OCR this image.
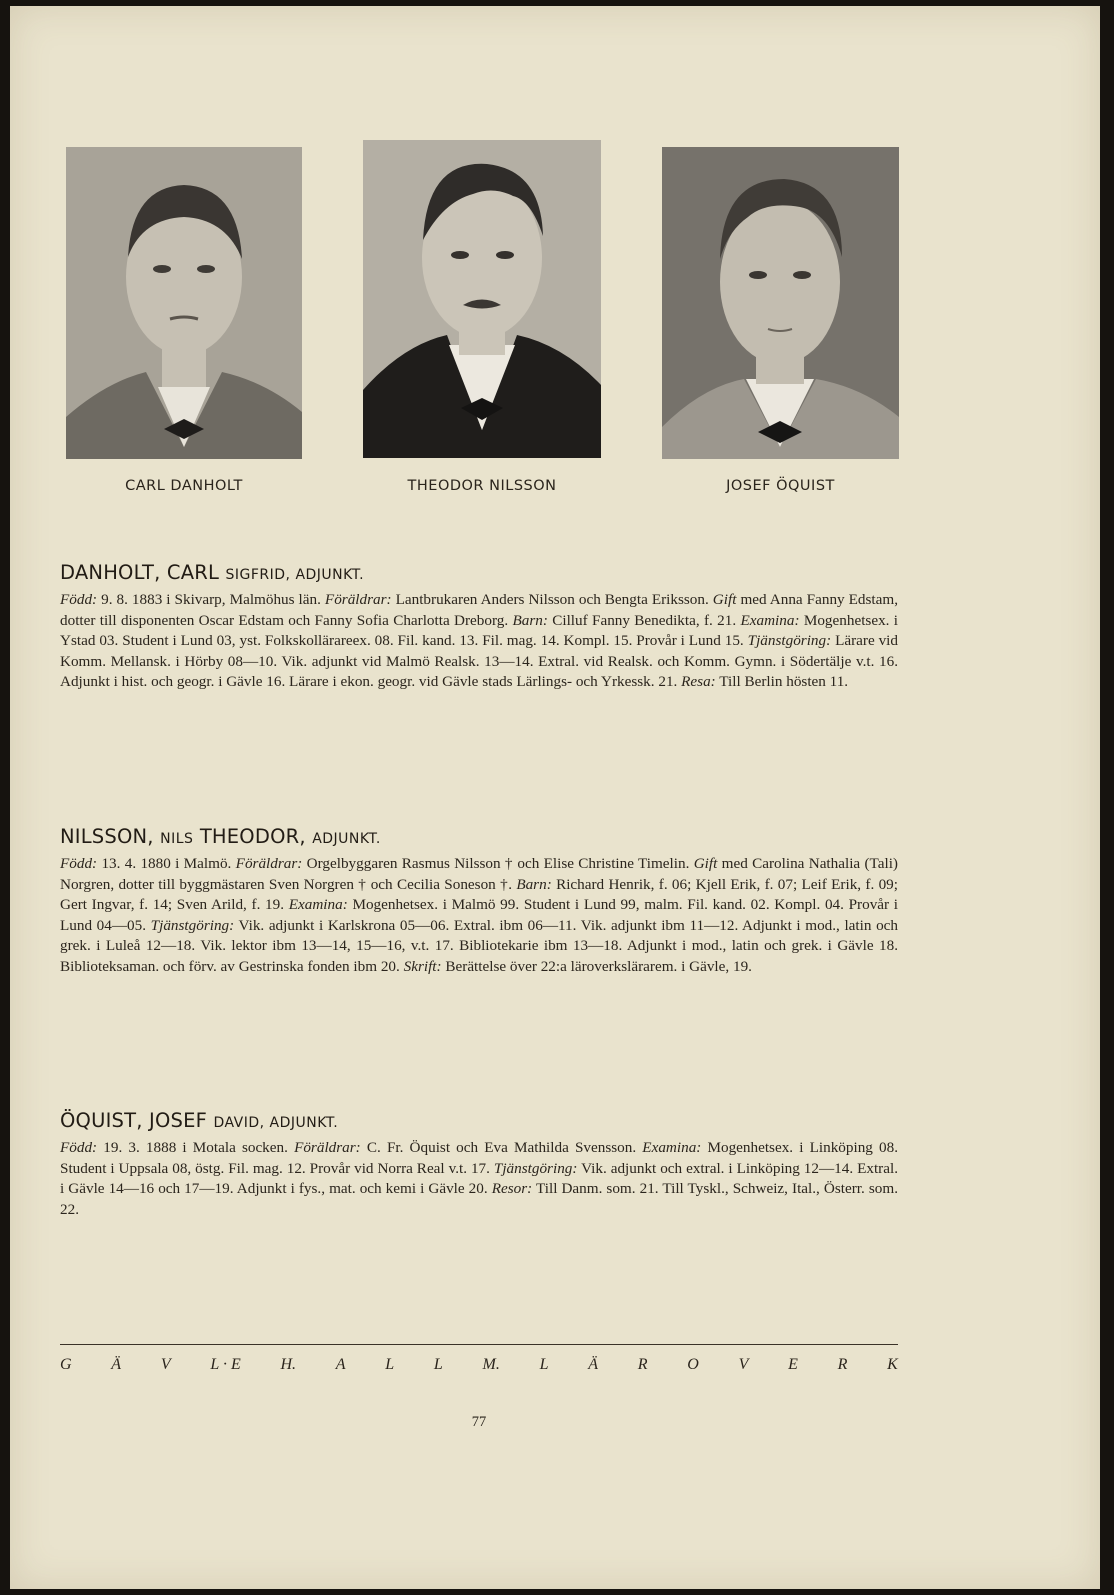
CARL DANHOLT	THEODOR NILSSON	JOSEF ÖQUIST
DANHOLT, CARL SIGFRID, ADJUNKT.

Född: 9. 8. 1883 i Skivarp, Malmöhus län. Föräldrar: Lantbrukaren Anders Nilsson och Bengta Eriksson. Gift med Anna Fanny Edstam, dotter till disponenten Oscar Edstam och Fanny Sofia Charlotta Dreborg. Barn: Cilluf Fanny Benedikta, f. 21. Examina: Mogenhetsex. i Ystad 03. Student i Lund 03, yst. Folkskollärareex. 08. Fil. kand. 13. Fil. mag. 14. Kompl. 15. Provår i Lund 15. Tjänstgöring: Lärare vid Komm. Mellansk. i Hörby 08—10. Vik. adjunkt vid Malmö Realsk. 13—14. Extral. vid Realsk. och Komm. Gymn. i Södertälje v.t. 16. Adjunkt i hist. och geogr. i Gävle 16. Lärare i ekon. geogr. vid Gävle stads Lärlings- och Yrkessk. 21. Resa: Till Berlin hösten 11.

NILSSON, NILS THEODOR, ADJUNKT.

Född: 13. 4. 1880 i Malmö. Föräldrar: Orgelbyggaren Rasmus Nilsson † och Elise Christine Timelin. Gift med Carolina Nathalia (Tali) Norgren, dotter till byggmästaren Sven Norgren † och Cecilia Soneson †. Barn: Richard Henrik, f. 06; Kjell Erik, f. 07; Leif Erik, f. 09; Gert Ingvar, f. 14; Sven Arild, f. 19. Examina: Mogenhetsex. i Malmö 99. Student i Lund 99, malm. Fil. kand. 02. Kompl. 04. Provår i Lund 04—05. Tjänstgöring: Vik. adjunkt i Karlskrona 05—06. Extral. ibm 06—11. Vik. adjunkt ibm 11—12. Adjunkt i mod., latin och grek. i Luleå 12—18. Vik. lektor ibm 13—14, 15—16, v.t. 17. Bibliotekarie ibm 13—18. Adjunkt i mod., latin och grek. i Gävle 18. Biblioteksaman. och förv. av Gestrinska fonden ibm 20. Skrift: Berättelse över 22:a läroverkslärarem. i Gävle, 19.

ÖQUIST, JOSEF DAVID, ADJUNKT.

Född: 19. 3. 1888 i Motala socken. Föräldrar: C. Fr. Öquist och Eva Mathilda Svensson. Examina: Mogenhetsex. i Linköping 08. Student i Uppsala 08, östg. Fil. mag. 12. Provår vid Norra Real v.t. 17. Tjänstgöring: Vik. adjunkt och extral. i Linköping 12—14. Extral. i Gävle 14—16 och 17—19. Adjunkt i fys., mat. och kemi i Gävle 20. Resor: Till Danm. som. 21. Till Tyskl., Schweiz, Ital., Österr. som. 22.

G Ä V L · E H. A L L M. L Ä R O V E R K
77
